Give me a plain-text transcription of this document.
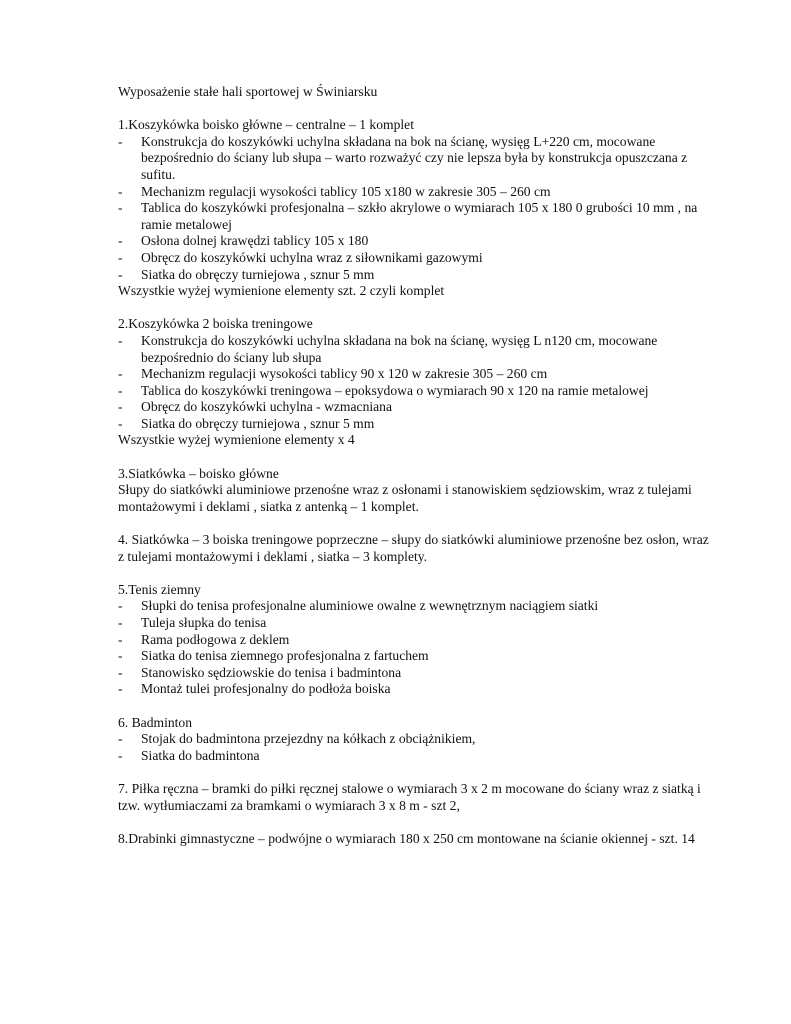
Wyposażenie stałe hali sportowej w Świniarsku

1.Koszykówka boisko główne – centralne – 1 komplet

- Konstrukcja do koszykówki uchylna składana na bok na ścianę, wysięg L+220 cm, mocowane bezpośrednio do ściany lub słupa – warto rozważyć czy nie lepsza była by konstrukcja opuszczana z sufitu.
- Mechanizm regulacji wysokości tablicy 105 x180 w zakresie 305 – 260 cm
- Tablica do koszykówki profesjonalna – szkło akrylowe o wymiarach 105 x 180 0 grubości 10 mm , na ramie metalowej
- Osłona dolnej krawędzi tablicy 105 x 180
- Obręcz do koszykówki uchylna wraz z siłownikami gazowymi
- Siatka do obręczy turniejowa , sznur 5 mm

Wszystkie wyżej wymienione elementy szt. 2 czyli komplet

2.Koszykówka 2 boiska treningowe

- Konstrukcja do koszykówki uchylna składana na bok na ścianę, wysięg L n120 cm, mocowane bezpośrednio do ściany lub słupa
- Mechanizm regulacji wysokości tablicy 90 x 120 w zakresie 305 – 260 cm
- Tablica do koszykówki treningowa – epoksydowa o wymiarach 90 x 120 na ramie metalowej
- Obręcz do koszykówki uchylna - wzmacniana
- Siatka do obręczy turniejowa , sznur 5 mm

Wszystkie wyżej wymienione elementy x 4

3.Siatkówka – boisko główne

Słupy do siatkówki aluminiowe przenośne wraz z osłonami i stanowiskiem sędziowskim, wraz z tulejami montażowymi i deklami , siatka z antenką – 1 komplet.

4. Siatkówka – 3 boiska treningowe poprzeczne – słupy do siatkówki aluminiowe przenośne bez osłon, wraz z tulejami montażowymi i deklami , siatka – 3 komplety.

5.Tenis ziemny

- Słupki do tenisa profesjonalne aluminiowe owalne z wewnętrznym naciągiem siatki
- Tuleja słupka do tenisa
- Rama podłogowa z deklem
- Siatka do tenisa ziemnego profesjonalna z fartuchem
- Stanowisko sędziowskie do tenisa i badmintona
- Montaż tulei profesjonalny do podłoża boiska

6. Badminton

- Stojak do badmintona przejezdny na kółkach z obciążnikiem,
- Siatka do badmintona

7. Piłka ręczna – bramki do piłki ręcznej stalowe o wymiarach 3 x 2 m mocowane do ściany wraz z siatką i tzw. wytłumiaczami za bramkami o wymiarach 3 x 8 m - szt 2,

8.Drabinki gimnastyczne – podwójne o wymiarach 180 x 250 cm montowane na ścianie okiennej - szt. 14
